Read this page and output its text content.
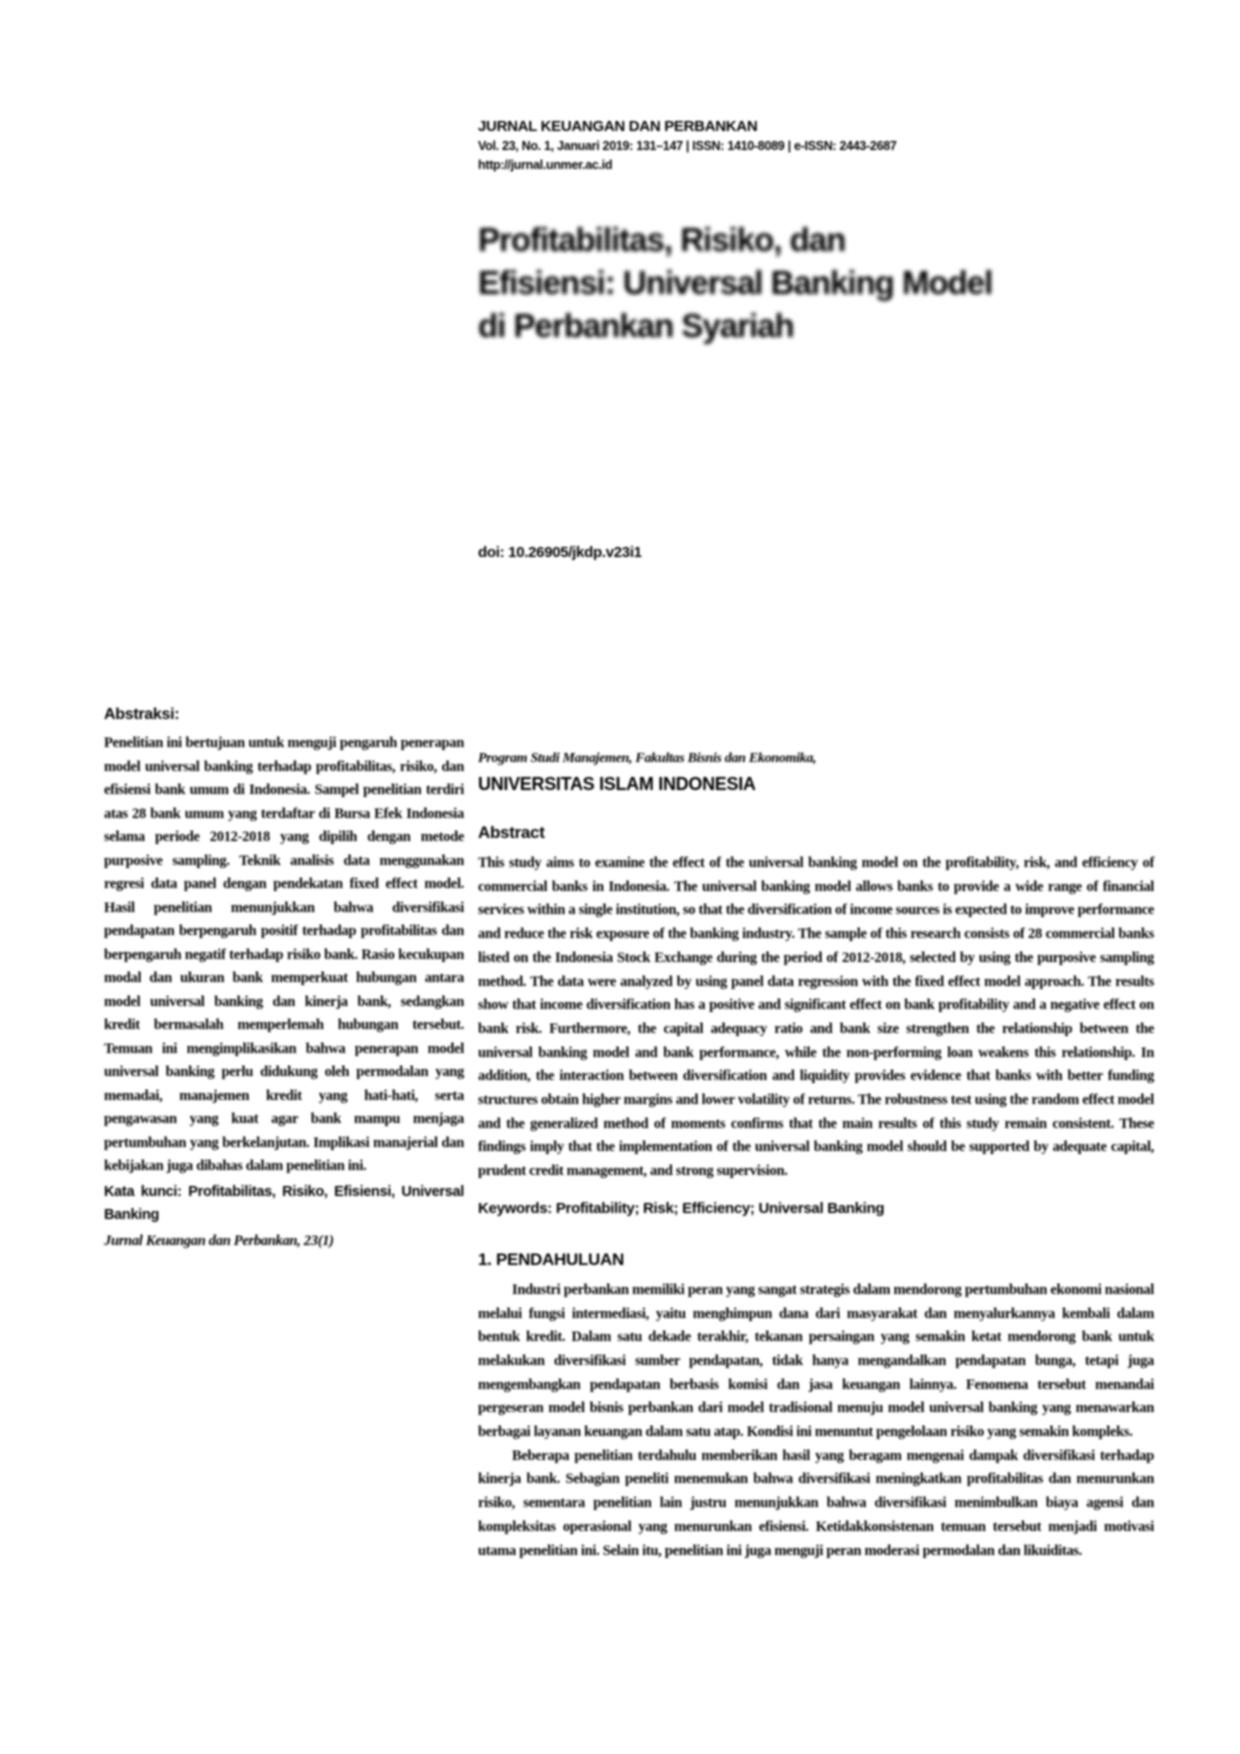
JURNAL KEUANGAN DAN PERBANKAN
Vol. 23, No. 1, Januari 2019: 131–147 | ISSN: 1410-8089 | e-ISSN: 2443-2687
http://jurnal.unmer.ac.id
Profitabilitas, Risiko, dan
Efisiensi: Universal Banking Model
di Perbankan Syariah
doi: 10.26905/jkdp.v23i1
Abstraksi:

Penelitian ini bertujuan untuk menguji pengaruh penerapan model universal banking terhadap profitabilitas, risiko, dan efisiensi bank umum di Indonesia. Sampel penelitian terdiri atas 28 bank umum yang terdaftar di Bursa Efek Indonesia selama periode 2012-2018 yang dipilih dengan metode purposive sampling. Teknik analisis data menggunakan regresi data panel dengan pendekatan fixed effect model. Hasil penelitian menunjukkan bahwa diversifikasi pendapatan berpengaruh positif terhadap profitabilitas dan berpengaruh negatif terhadap risiko bank. Rasio kecukupan modal dan ukuran bank memperkuat hubungan antara model universal banking dan kinerja bank, sedangkan kredit bermasalah memperlemah hubungan tersebut. Temuan ini mengimplikasikan bahwa penerapan model universal banking perlu didukung oleh permodalan yang memadai, manajemen kredit yang hati-hati, serta pengawasan yang kuat agar bank mampu menjaga pertumbuhan yang berkelanjutan. Implikasi manajerial dan kebijakan juga dibahas dalam penelitian ini.

Kata kunci: Profitabilitas, Risiko, Efisiensi, Universal Banking

Jurnal Keuangan dan Perbankan, 23(1)

Program Studi Manajemen, Fakultas Bisnis dan Ekonomika,

UNIVERSITAS ISLAM INDONESIA

Abstract

This study aims to examine the effect of the universal banking model on the profitability, risk, and efficiency of commercial banks in Indonesia. The universal banking model allows banks to provide a wide range of financial services within a single institution, so that the diversification of income sources is expected to improve performance and reduce the risk exposure of the banking industry. The sample of this research consists of 28 commercial banks listed on the Indonesia Stock Exchange during the period of 2012-2018, selected by using the purposive sampling method. The data were analyzed by using panel data regression with the fixed effect model approach. The results show that income diversification has a positive and significant effect on bank profitability and a negative effect on bank risk. Furthermore, the capital adequacy ratio and bank size strengthen the relationship between the universal banking model and bank performance, while the non-performing loan weakens this relationship. In addition, the interaction between diversification and liquidity provides evidence that banks with better funding structures obtain higher margins and lower volatility of returns. The robustness test using the random effect model and the generalized method of moments confirms that the main results of this study remain consistent. These findings imply that the implementation of the universal banking model should be supported by adequate capital, prudent credit management, and strong supervision.

Keywords: Profitability; Risk; Efficiency; Universal Banking

1. PENDAHULUAN

Industri perbankan memiliki peran yang sangat strategis dalam mendorong pertumbuhan ekonomi nasional melalui fungsi intermediasi, yaitu menghimpun dana dari masyarakat dan menyalurkannya kembali dalam bentuk kredit. Dalam satu dekade terakhir, tekanan persaingan yang semakin ketat mendorong bank untuk melakukan diversifikasi sumber pendapatan, tidak hanya mengandalkan pendapatan bunga, tetapi juga mengembangkan pendapatan berbasis komisi dan jasa keuangan lainnya. Fenomena tersebut menandai pergeseran model bisnis perbankan dari model tradisional menuju model universal banking yang menawarkan berbagai layanan keuangan dalam satu atap. Kondisi ini menuntut pengelolaan risiko yang semakin kompleks.

Beberapa penelitian terdahulu memberikan hasil yang beragam mengenai dampak diversifikasi terhadap kinerja bank. Sebagian peneliti menemukan bahwa diversifikasi meningkatkan profitabilitas dan menurunkan risiko, sementara penelitian lain justru menunjukkan bahwa diversifikasi menimbulkan biaya agensi dan kompleksitas operasional yang menurunkan efisiensi. Ketidakkonsistenan temuan tersebut menjadi motivasi utama penelitian ini. Selain itu, penelitian ini juga menguji peran moderasi permodalan dan likuiditas.
